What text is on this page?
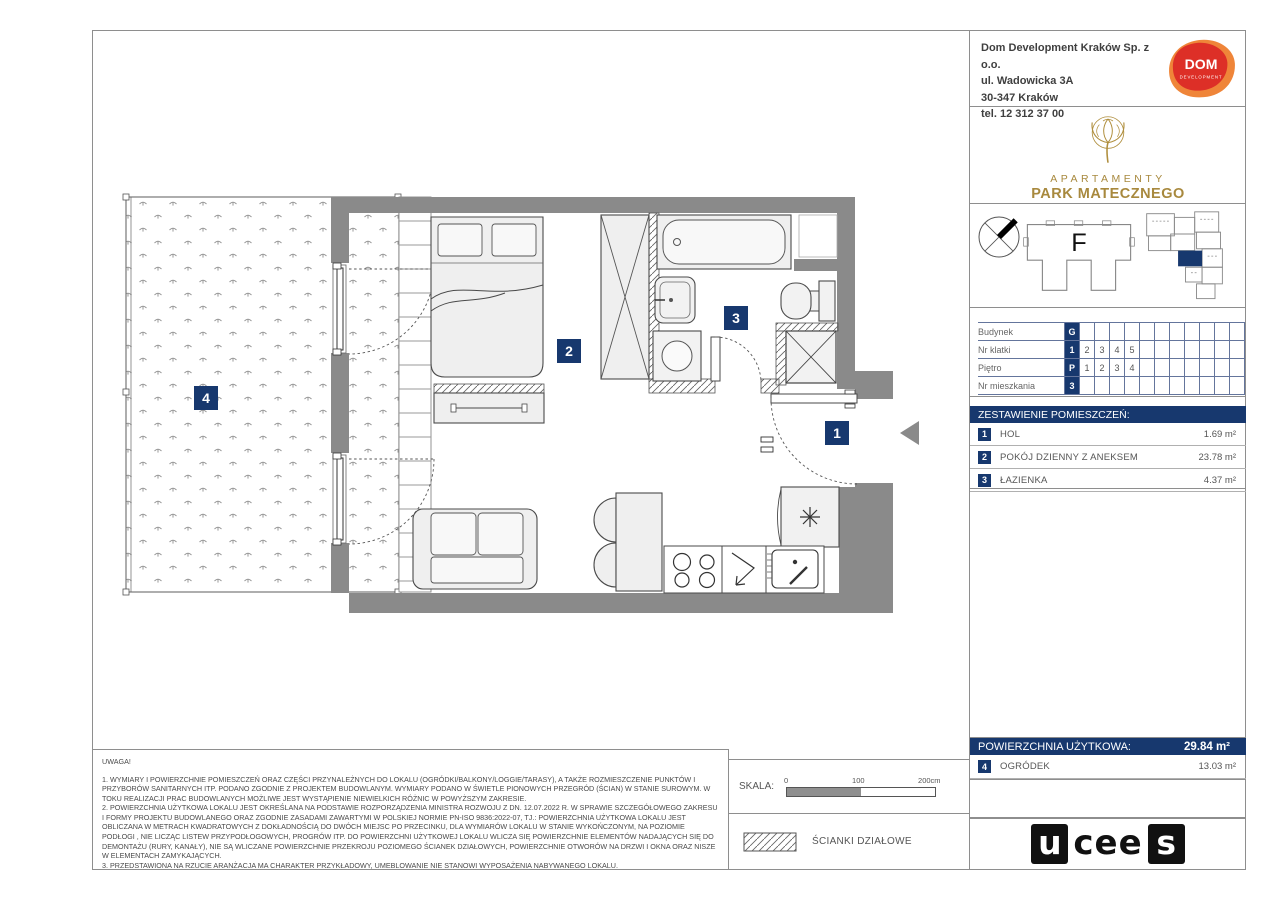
1
2
3
4
UWAGA!
1. WYMIARY I POWIERZCHNIE POMIESZCZEŃ ORAZ CZĘŚCI PRZYNALEŻNYCH DO LOKALU (OGRÓDKI/BALKONY/LOGGIE/TARASY), A TAKŻE ROZMIESZCZENIE PUNKTÓW I PRZYBORÓW SANITARNYCH ITP. PODANO ZGODNIE Z PROJEKTEM BUDOWLANYM. WYMIARY PODANO W ŚWIETLE PIONOWYCH PRZEGRÓD (ŚCIAN) W STANIE SUROWYM. W TOKU REALIZACJI PRAC BUDOWLANYCH MOŻLIWE JEST WYSTĄPIENIE NIEWIELKICH RÓŻNIC W POWYŻSZYM ZAKRESIE.
2. POWIERZCHNIA UŻYTKOWA LOKALU JEST OKREŚLANA NA PODSTAWIE ROZPORZĄDZENIA MINISTRA ROZWOJU Z DN. 12.07.2022 R. W SPRAWIE SZCZEGÓŁOWEGO ZAKRESU I FORMY PROJEKTU BUDOWLANEGO ORAZ ZGODNIE ZASADAMI ZAWARTYMI W POLSKIEJ NORMIE PN-ISO 9836:2022-07, TJ.: POWIERZCHNIA UŻYTKOWA LOKALU JEST OBLICZANA W METRACH KWADRATOWYCH Z DOKŁADNOŚCIĄ DO DWÓCH MIEJSC PO PRZECINKU, DLA WYMIARÓW LOKALU W STANIE WYKOŃCZONYM, NA POZIOMIE PODŁOGI , NIE LICZĄC LISTEW PRZYPODŁOGOWYCH, PROGRÓW ITP. DO POWIERZCHNI UŻYTKOWEJ LOKALU WLICZA SIĘ POWIERZCHNIE ELEMENTÓW NADAJĄCYCH SIĘ DO DEMONTAŻU (RURY, KANAŁY), NIE SĄ WLICZANE POWIERZCHNIE PRZEKROJU POZIOMEGO ŚCIANEK DZIAŁOWYCH, POWIERZCHNIE OTWORÓW NA DRZWI I OKNA ORAZ NISZE W ELEMENTACH ZAMYKAJĄCYCH.
3. PRZEDSTAWIONA NA RZUCIE ARANŻACJA MA CHARAKTER PRZYKŁADOWY, UMEBLOWANIE NIE STANOWI WYPOSAŻENIA NABYWANEGO LOKALU.
SKALA:
0	100	200cm
ŚCIANKI DZIAŁOWE
Dom Development Kraków Sp. z o.o.
ul. Wadowicka 3A
30-347 Kraków
tel. 12 312 37 00
DOM
DEVELOPMENT
APARTAMENTY
PARK MATECZNEGO
F
Budynek	G
Nr klatki	1	2	3	4	5
Piętro	P	1	2	3	4
Nr mieszkania	3
ZESTAWIENIE POMIESZCZEŃ:
1	HOL	1.69 m²
2	POKÓJ DZIENNY Z ANEKSEM	23.78 m²
3	ŁAZIENKA	4.37 m²
POWIERZCHNIA UŻYTKOWA:	29.84 m²
4	OGRÓDEK	13.03 m²
u cee s
